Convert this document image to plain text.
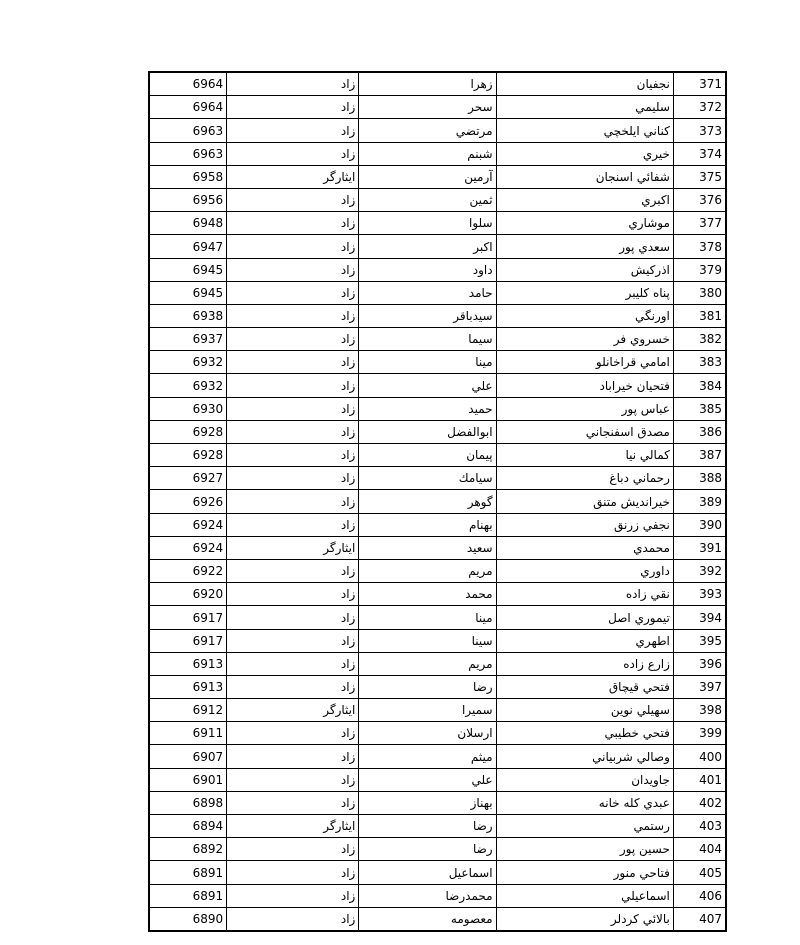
6964	زاد	زهرا	نجفيان	371
6964	زاد	سحر	سليمي	372
6963	زاد	مرتضي	كناني ايلخچي	373
6963	زاد	شبنم	خيري	374
6958	ايثارگر	آرمين	شفائي اسنجان	375
6956	زاد	ثمين	اكبري	376
6948	زاد	سلوا	موشاري	377
6947	زاد	اكبر	سعدي پور	378
6945	زاد	داود	اذركيش	379
6945	زاد	حامد	پناه كليبر	380
6938	زاد	سيدباقر	اورنگي	381
6937	زاد	سيما	خسروي فر	382
6932	زاد	مينا	امامي قراخانلو	383
6932	زاد	علي	فتحيان خيراباد	384
6930	زاد	حميد	عباس پور	385
6928	زاد	ابوالفضل	مصدق اسفنجاني	386
6928	زاد	پيمان	كمالي نيا	387
6927	زاد	سيامك	رحماني دباغ	388
6926	زاد	گوهر	خيرانديش متنق	389
6924	زاد	بهنام	نجفي زرنق	390
6924	ايثارگر	سعيد	محمدي	391
6922	زاد	مريم	داوري	392
6920	زاد	محمد	نقي زاده	393
6917	زاد	مينا	تيموري اصل	394
6917	زاد	سينا	اطهري	395
6913	زاد	مريم	زارع زاده	396
6913	زاد	رضا	فتحي قيچاق	397
6912	ايثارگر	سميرا	سهيلي نوين	398
6911	زاد	ارسلان	فتحي خطيبي	399
6907	زاد	ميثم	وصالي شربياني	400
6901	زاد	علي	جاويدان	401
6898	زاد	بهناز	عبدي كله خانه	402
6894	ايثارگر	رضا	رستمي	403
6892	زاد	رضا	حسين پور	404
6891	زاد	اسماعيل	فتاحي منور	405
6891	زاد	محمدرضا	اسماعيلي	406
6890	زاد	معصومه	بالائي كردلر	407
